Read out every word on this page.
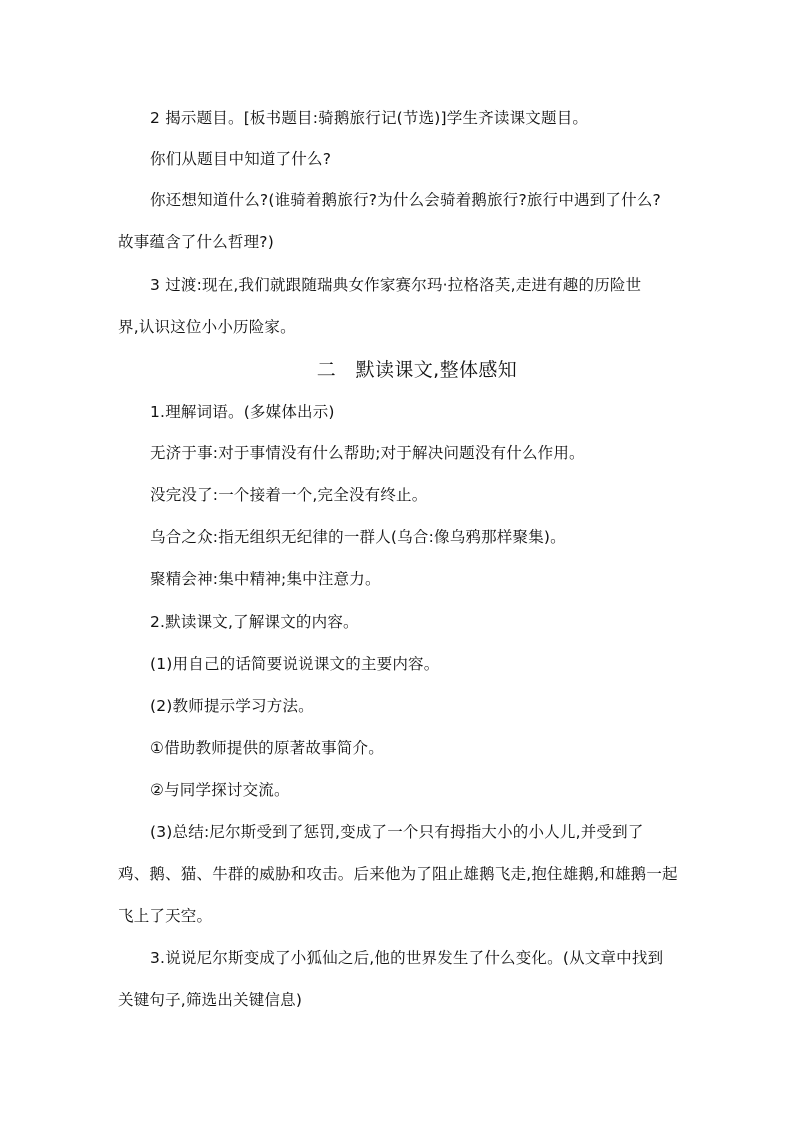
2 揭示题目。[板书题目:骑鹅旅行记(节选)]学生齐读课文题目。
你们从题目中知道了什么?
你还想知道什么?(谁骑着鹅旅行?为什么会骑着鹅旅行?旅行中遇到了什么?
故事蕴含了什么哲理?)
3 过渡:现在,我们就跟随瑞典女作家赛尔玛·拉格洛芙,走进有趣的历险世
界,认识这位小小历险家。
二　默读课文,整体感知
1.理解词语。(多媒体出示)
无济于事:对于事情没有什么帮助;对于解决问题没有什么作用。
没完没了:一个接着一个,完全没有终止。
乌合之众:指无组织无纪律的一群人(乌合:像乌鸦那样聚集)。
聚精会神:集中精神;集中注意力。
2.默读课文,了解课文的内容。
(1)用自己的话简要说说课文的主要内容。
(2)教师提示学习方法。
①借助教师提供的原著故事简介。
②与同学探讨交流。
(3)总结:尼尔斯受到了惩罚,变成了一个只有拇指大小的小人儿,并受到了
鸡、鹅、猫、牛群的威胁和攻击。后来他为了阻止雄鹅飞走,抱住雄鹅,和雄鹅一起
飞上了天空。
3.说说尼尔斯变成了小狐仙之后,他的世界发生了什么变化。(从文章中找到
关键句子,筛选出关键信息)
